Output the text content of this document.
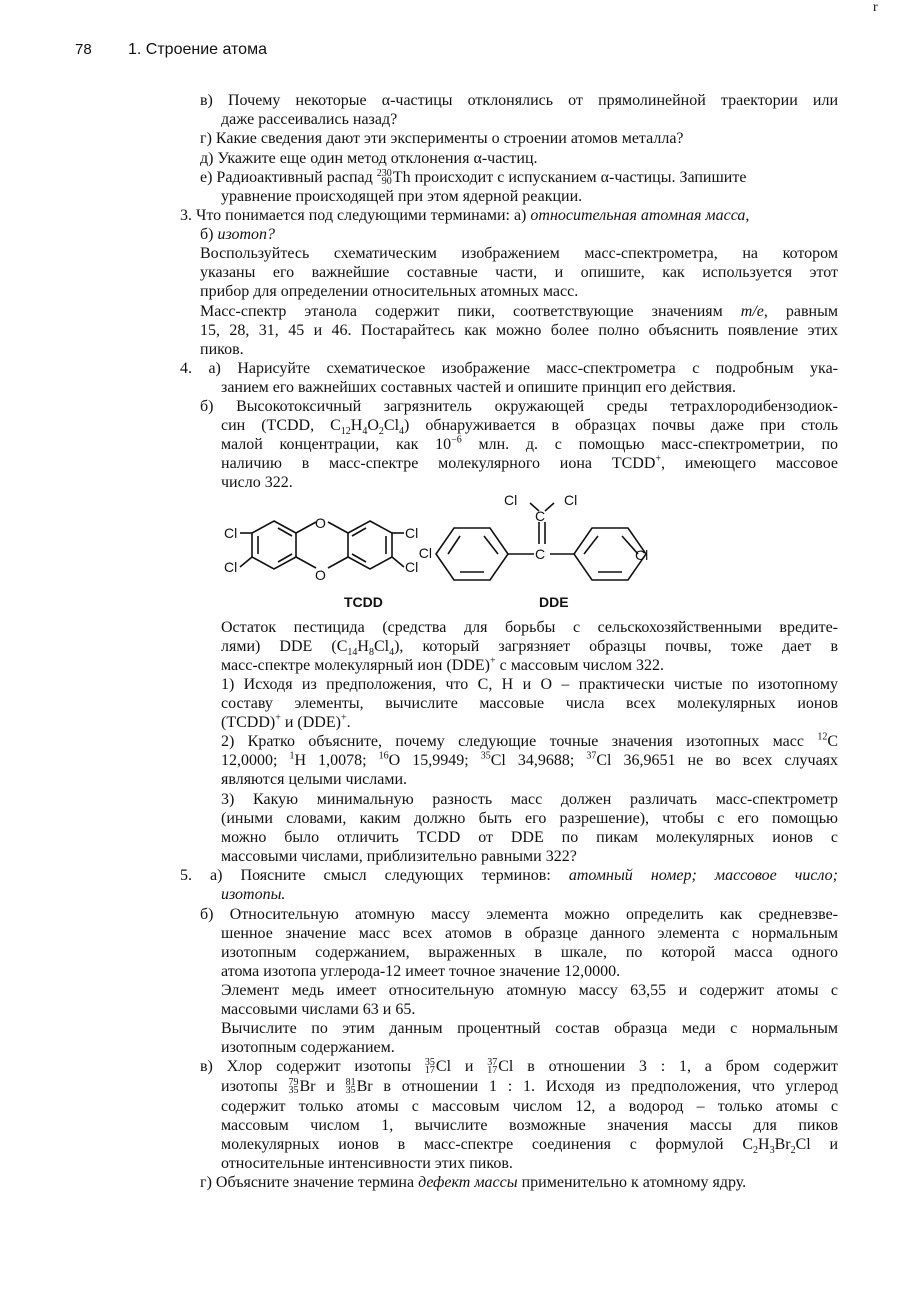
r
78 1. Строение атома
в) Почему некоторые α-частицы отклонялись от прямолинейной траектории или
даже рассеивались назад?
г) Какие сведения дают эти эксперименты о строении атомов металла?
д) Укажите еще один метод отклонения α-частиц.
е) Радиоактивный распад 230
90 Th происходит с испусканием α-частицы. Запишите
уравнение происходящей при этом ядерной реакции.
3. Что понимается под следующими терминами: а) относительная атомная масса,
б) изотоп?
Воспользуйтесь схематическим изображением масс-спектрометра, на котором
указаны его важнейшие составные части, и опишите, как используется этот
прибор для определении относительных атомных масс.
Масс-спектр этанола содержит пики, соответствующие значениям m/e, равным
15, 28, 31, 45 и 46. Постарайтесь как можно более полно объяснить появление этих
пиков.
4. а) Нарисуйте схематическое изображение масс-спектрометра с подробным ука-
занием его важнейших составных частей и опишите принцип его действия.
б) Высокотоксичный загрязнитель окружающей среды тетрахлородибензодиок-
син (TCDD, $C_{12}H_4O_2Cl_4$) обнаруживается в образцах почвы даже при столь
малой концентрации, как $10^{-6}$ млн. д. с помощью масс-спектрометрии, по
наличию в масс-спектре молекулярного иона TCDD+, имеющего массовое
число 322.
O
O
Cl
Cl
Cl
Cl
TCDD
C
C
Cl	Cl
Cl	Cl
DDE
Остаток пестицида (средства для борьбы с сельскохозяйственными вредите-
лями) DDE $(C_{14}H_8Cl_4)$, который загрязняет образцы почвы, тоже дает в
масс-спектре молекулярный ион (DDE)+ с массовым числом 322.
1) Исходя из предположения, что C, H и O – практически чистые по изотопному
составу элементы, вычислите массовые числа всех молекулярных ионов
(TCDD)+ и (DDE)+.
2) Кратко объясните, почему следующие точные значения изотопных масс $^{12}$C
12,0000; $^1$H 1,0078; $^{16}$O 15,9949; $^{35}$Cl 34,9688; $^{37}$Cl 36,9651 не во всех случаях
являются целыми числами.
3) Какую минимальную разность масс должен различать масс-спектрометр
(иными словами, каким должно быть его разрешение), чтобы с его помощью
можно было отличить TCDD от DDE по пикам молекулярных ионов с
массовыми числами, приблизительно равными 322?
5. а) Поясните смысл следующих терминов: атомный номер; массовое число;
изотопы.
б) Относительную атомную массу элемента можно определить как средневзве-
шенное значение масс всех атомов в образце данного элемента с нормальным
изотопным содержанием, выраженных в шкале, по которой масса одного
атома изотопа углерода-12 имеет точное значение 12,0000.
Элемент медь имеет относительную атомную массу 63,55 и содержит атомы с
массовыми числами 63 и 65.
Вычислите по этим данным процентный состав образца меди с нормальным
изотопным содержанием.
в) Хлор содержит изотопы 35
17 Cl и 37
17 Cl в отношении 3 : 1, а бром содержит
изотопы 79
35 Br и 81
35 Br в отношении 1 : 1. Исходя из предположения, что углерод
содержит только атомы с массовым числом 12, а водород – только атомы с
массовым числом 1, вычислите возможные значения массы для пиков
молекулярных ионов в масс-спектре соединения с формулой $C_2H_3Br_2Cl$ и
относительные интенсивности этих пиков.
г) Объясните значение термина дефект массы применительно к атомному ядру.
